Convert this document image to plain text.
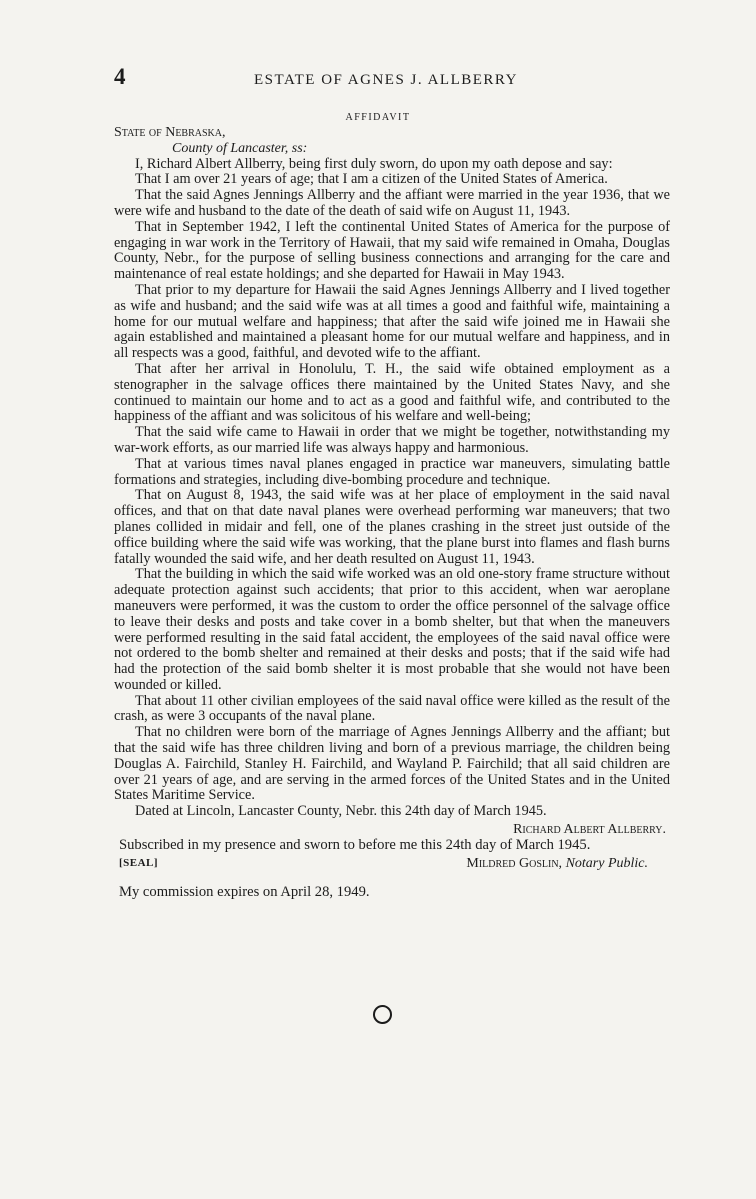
4	ESTATE OF AGNES J. ALLBERRY
AFFIDAVIT
State of Nebraska,
County of Lancaster, ss:

I, Richard Albert Allberry, being first duly sworn, do upon my oath depose and say:

That I am over 21 years of age; that I am a citizen of the United States of America.

That the said Agnes Jennings Allberry and the affiant were married in the year 1936, that we were wife and husband to the date of the death of said wife on August 11, 1943.

That in September 1942, I left the continental United States of America for the purpose of engaging in war work in the Territory of Hawaii, that my said wife remained in Omaha, Douglas County, Nebr., for the purpose of selling business connections and arranging for the care and maintenance of real estate holdings; and she departed for Hawaii in May 1943.

That prior to my departure for Hawaii the said Agnes Jennings Allberry and I lived together as wife and husband; and the said wife was at all times a good and faithful wife, maintaining a home for our mutual welfare and happiness; that after the said wife joined me in Hawaii she again established and maintained a pleasant home for our mutual welfare and happiness, and in all respects was a good, faithful, and devoted wife to the affiant.

That after her arrival in Honolulu, T. H., the said wife obtained employment as a stenographer in the salvage offices there maintained by the United States Navy, and she continued to maintain our home and to act as a good and faithful wife, and contributed to the happiness of the affiant and was solicitous of his welfare and well-being;

That the said wife came to Hawaii in order that we might be together, notwithstanding my war-work efforts, as our married life was always happy and harmonious.

That at various times naval planes engaged in practice war maneuvers, simulating battle formations and strategies, including dive-bombing procedure and technique.

That on August 8, 1943, the said wife was at her place of employment in the said naval offices, and that on that date naval planes were overhead performing war maneuvers; that two planes collided in midair and fell, one of the planes crashing in the street just outside of the office building where the said wife was working, that the plane burst into flames and flash burns fatally wounded the said wife, and her death resulted on August 11, 1943.

That the building in which the said wife worked was an old one-story frame structure without adequate protection against such accidents; that prior to this accident, when war aeroplane maneuvers were performed, it was the custom to order the office personnel of the salvage office to leave their desks and posts and take cover in a bomb shelter, but that when the maneuvers were performed resulting in the said fatal accident, the employees of the said naval office were not ordered to the bomb shelter and remained at their desks and posts; that if the said wife had had the protection of the said bomb shelter it is most probable that she would not have been wounded or killed.

That about 11 other civilian employees of the said naval office were killed as the result of the crash, as were 3 occupants of the naval plane.

That no children were born of the marriage of Agnes Jennings Allberry and the affiant; but that the said wife has three children living and born of a previous marriage, the children being Douglas A. Fairchild, Stanley H. Fairchild, and Wayland P. Fairchild; that all said children are over 21 years of age, and are serving in the armed forces of the United States and in the United States Maritime Service.

Dated at Lincoln, Lancaster County, Nebr. this 24th day of March 1945.

Richard Albert Allberry.

Subscribed in my presence and sworn to before me this 24th day of March 1945.

[SEAL]	Mildred Goslin, Notary Public.
My commission expires on April 28, 1949.
